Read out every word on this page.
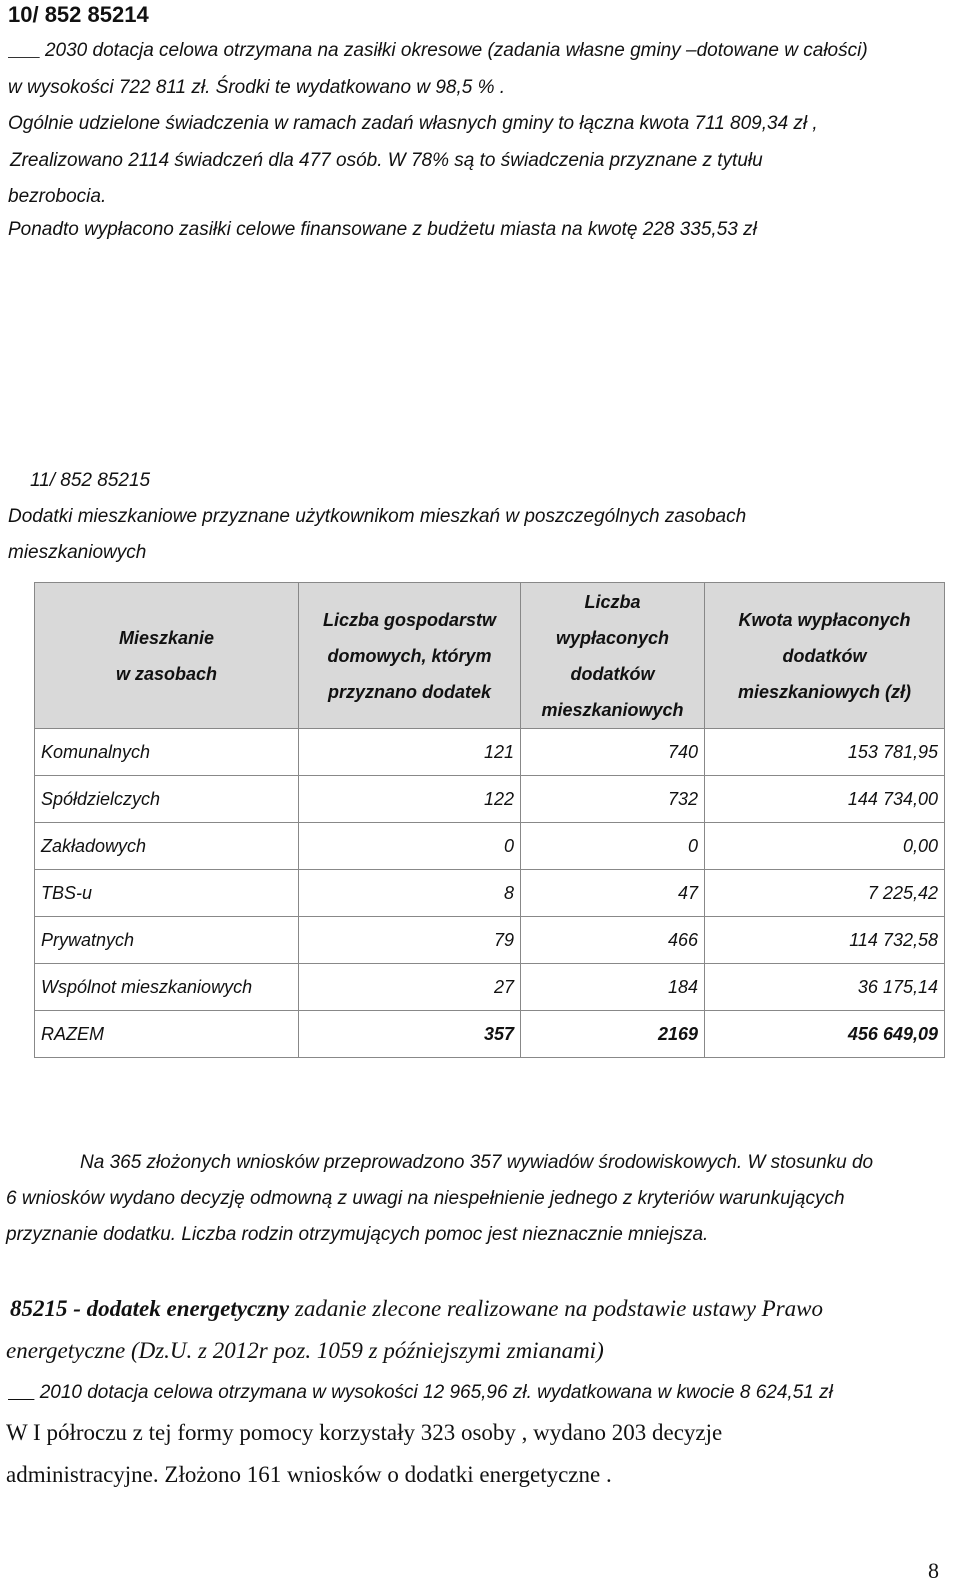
10/ 852 85214
2030 dotacja celowa otrzymana na zasiłki okresowe (zadania własne gminy –dotowane w całości)
w wysokości 722 811 zł. Środki te wydatkowano w 98,5 % .
Ogólnie udzielone świadczenia w ramach zadań własnych gminy to łączna kwota 711 809,34 zł ,
Zrealizowano 2114 świadczeń dla 477 osób. W 78% są to świadczenia przyznane z tytułu
bezrobocia.
Ponadto wypłacono zasiłki celowe finansowane z budżetu miasta na kwotę 228 335,53 zł
11/ 852 85215
Dodatki mieszkaniowe przyznane użytkownikom mieszkań w poszczególnych zasobach
mieszkaniowych
Mieszkanie
w zasobach	Liczba gospodarstw
domowych, którym
przyznano dodatek	Liczba
wypłaconych
dodatków
mieszkaniowych	Kwota wypłaconych
dodatków
mieszkaniowych (zł)

Komunalnych	121	740	153 781,95
Spółdzielczych	122	732	144 734,00
Zakładowych	0	0	0,00
TBS-u	8	47	7 225,42
Prywatnych	79	466	114 732,58
Wspólnot mieszkaniowych	27	184	36 175,14
RAZEM	357	2169	456 649,09
Na 365 złożonych wniosków przeprowadzono 357 wywiadów środowiskowych. W stosunku do
6 wniosków wydano decyzję odmowną z uwagi na niespełnienie jednego z kryteriów warunkujących
przyznanie dodatku. Liczba rodzin otrzymujących pomoc jest nieznacznie mniejsza.
85215 - dodatek energetyczny zadanie zlecone realizowane na podstawie ustawy Prawo
energetyczne (Dz.U. z 2012r poz. 1059 z późniejszymi zmianami)
2010 dotacja celowa otrzymana w wysokości 12 965,96 zł. wydatkowana w kwocie 8 624,51 zł
W I półroczu z tej formy pomocy korzystały 323 osoby , wydano 203 decyzje
administracyjne. Złożono 161 wniosków o dodatki energetyczne .
8
